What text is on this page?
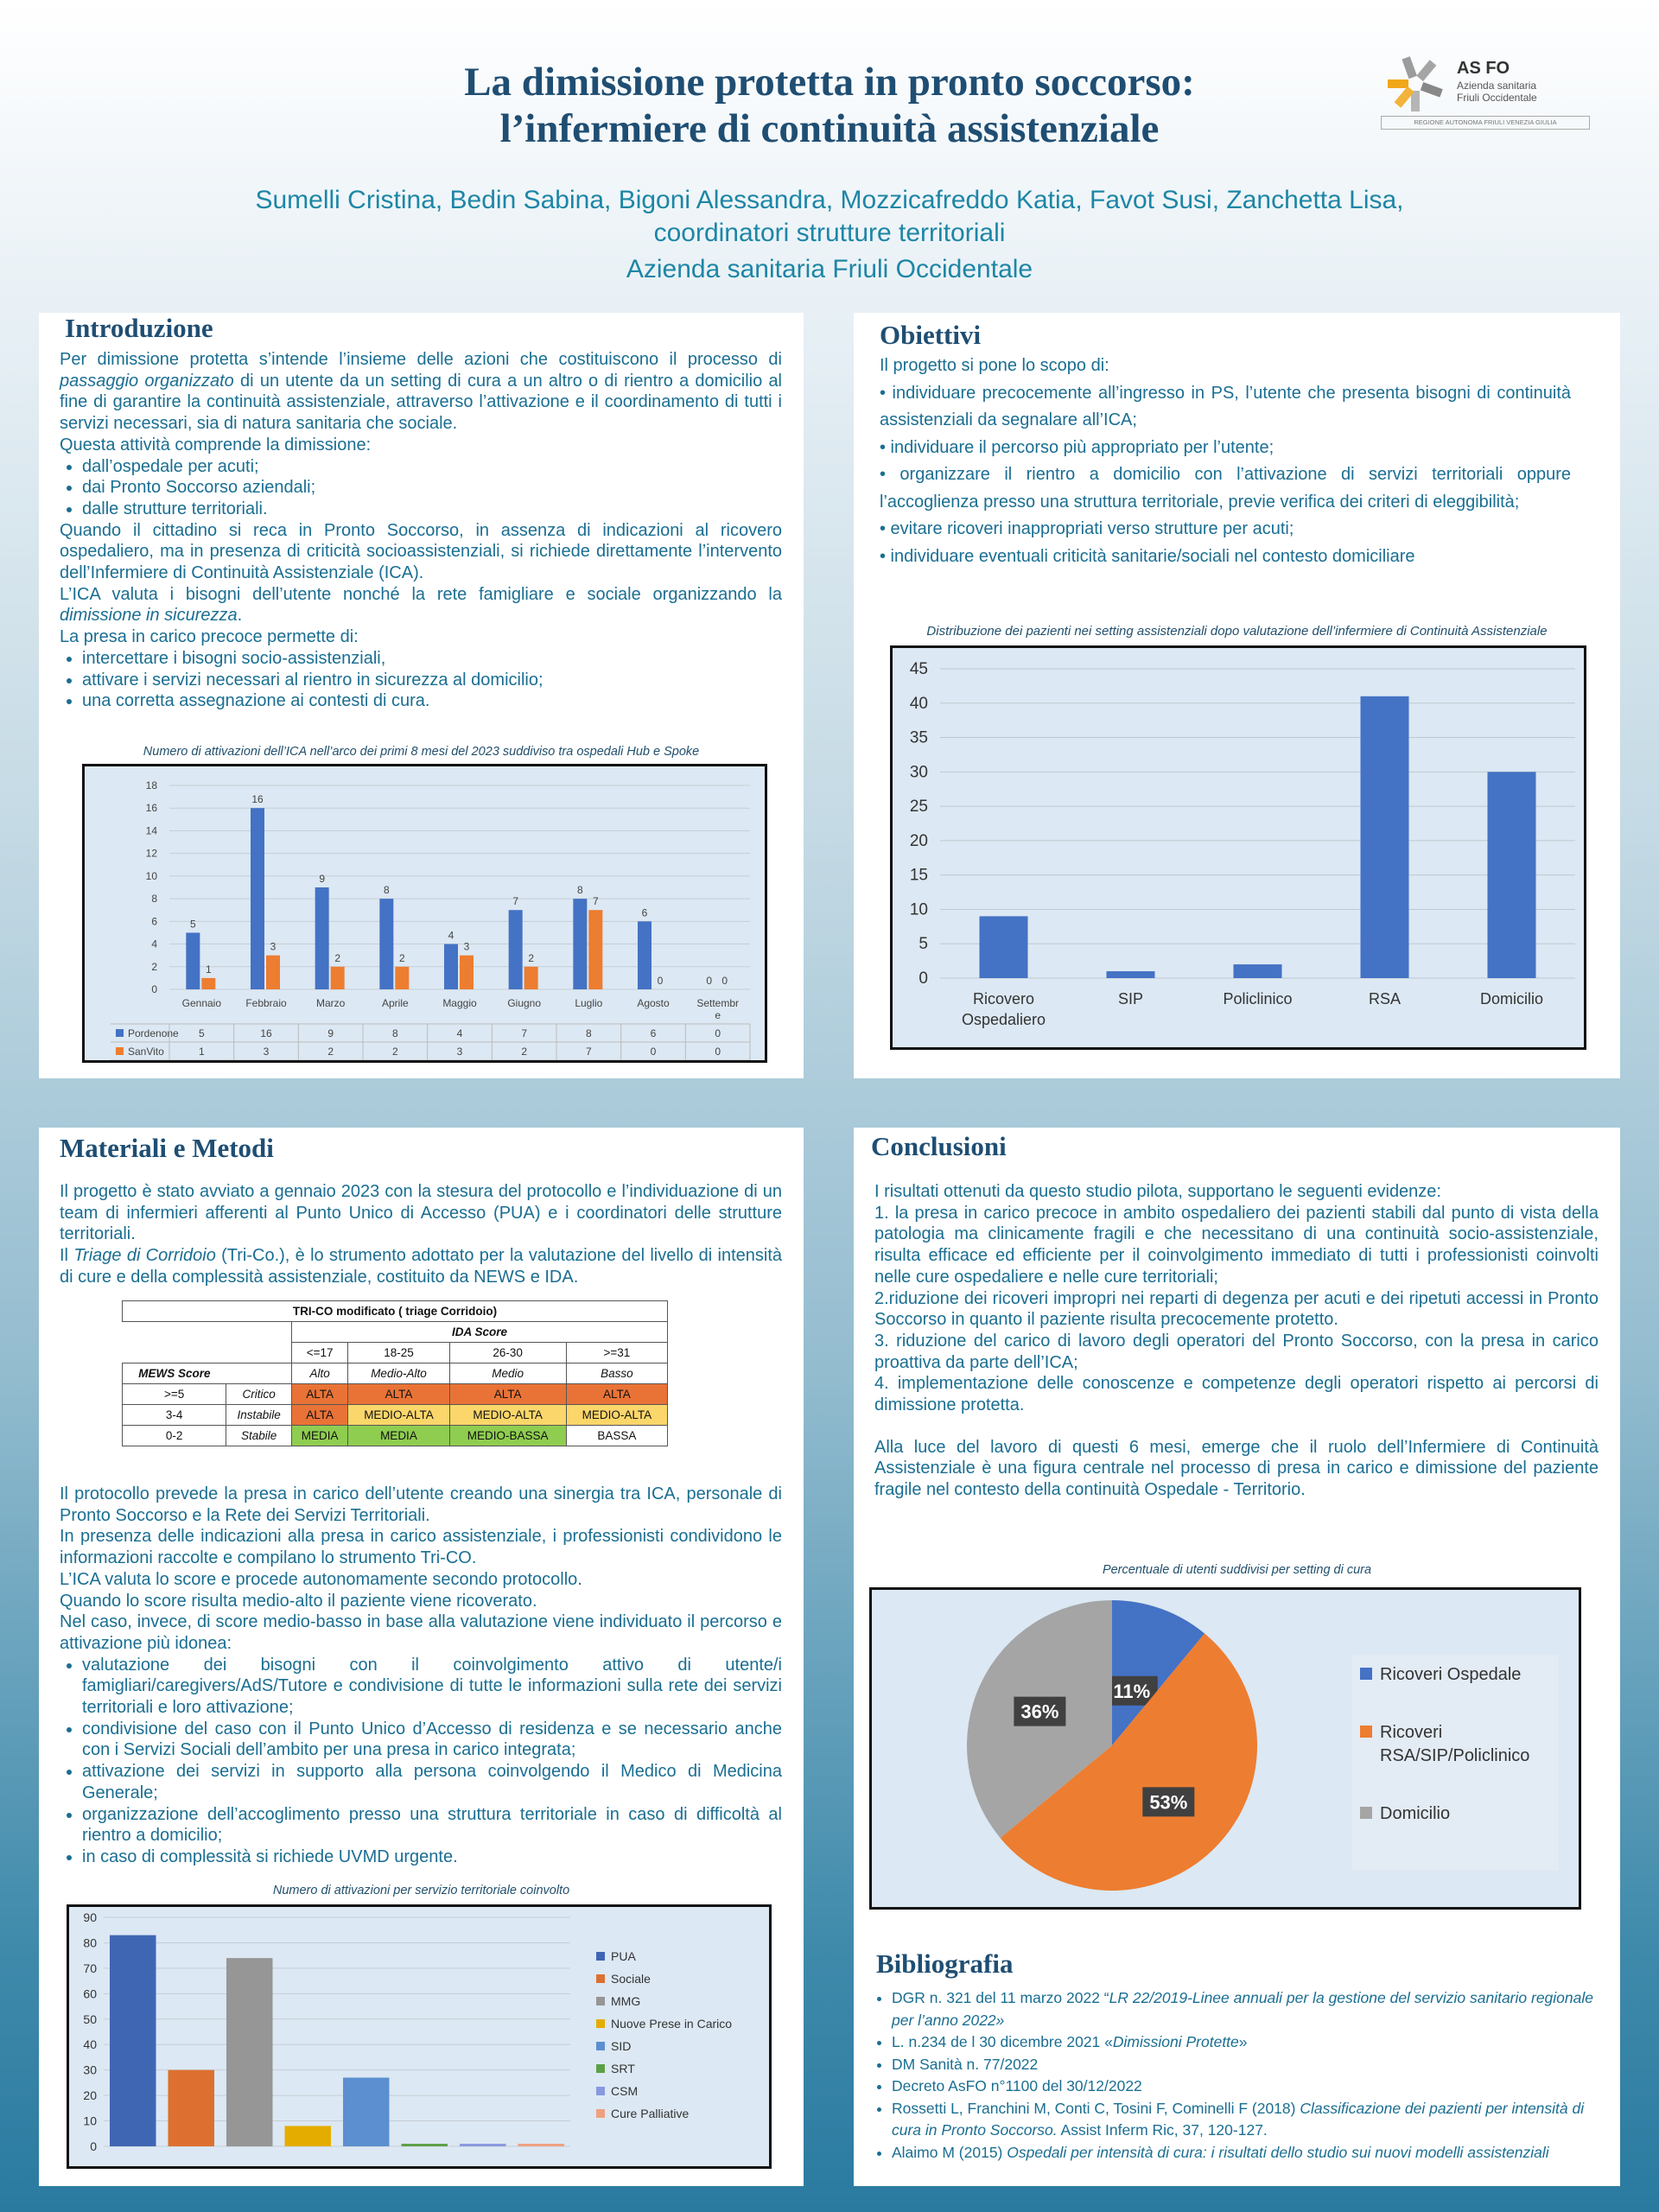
La dimissione protetta in pronto soccorso:
l’infermiere di continuità assistenziale
AS FO
Azienda sanitaria
Friuli Occidentale
REGIONE AUTONOMA FRIULI VENEZIA GIULIA
Sumelli Cristina, Bedin Sabina, Bigoni Alessandra, Mozzicafreddo Katia, Favot Susi, Zanchetta Lisa,
coordinatori strutture territoriali
Azienda sanitaria Friuli Occidentale
Introduzione

Per dimissione protetta s’intende l’insieme delle azioni che costituiscono il processo di passaggio organizzato di un utente da un setting di cura a un altro o di rientro a domicilio al fine di garantire la continuità assistenziale, attraverso l’attivazione e il coordinamento di tutti i servizi necessari, sia di natura sanitaria che sociale.

Questa attività comprende la dimissione:

• dall’ospedale per acuti;
• dai Pronto Soccorso aziendali;
• dalle strutture territoriali.

Quando il cittadino si reca in Pronto Soccorso, in assenza di indicazioni al ricovero ospedaliero, ma in presenza di criticità socioassistenziali, si richiede direttamente l’intervento dell’Infermiere di Continuità Assistenziale (ICA).

L’ICA valuta i bisogni dell’utente nonché la rete famigliare e sociale organizzando la dimissione in sicurezza.

La presa in carico precoce permette di:

• intercettare i bisogni socio-assistenziali,
• attivare i servizi necessari al rientro in sicurezza al domicilio;
• una corretta assegnazione ai contesti di cura.
Numero di attivazioni dell’ICA nell’arco dei primi 8 mesi del 2023 suddiviso tra ospedali Hub e Spoke
0
2
4
6
8
10
12
14
16
18
5
1
Gennaio
16
3
Febbraio
9
2
Marzo
8
2
Aprile
4
3
Maggio
7
2
Giugno
8
7
Luglio
6
0
Agosto
0 0
Settembr
e
Pordenone 5	16	9	8	4	7	8	6	0
SanVito	1	3	2	2	3	2	7	0	0
Obiettivi

Il progetto si pone lo scopo di:

• individuare precocemente all’ingresso in PS, l’utente che presenta bisogni di continuità assistenziali da segnalare all’ICA;

• individuare il percorso più appropriato per l’utente;

• organizzare il rientro a domicilio con l’attivazione di servizi territoriali oppure l’accoglienza presso una struttura territoriale, previe verifica dei criteri di eleggibilità;

• evitare ricoveri inappropriati verso strutture per acuti;

• individuare eventuali criticità sanitarie/sociali nel contesto domiciliare

Distribuzione dei pazienti nei setting assistenziali dopo valutazione dell’infermiere di Continuità Assistenziale
0
5
10
15
20
25
30
35
40
45
Ricovero
Ospedaliero
SIP	Policlinico	RSA	Domicilio
Materiali e Metodi

Il progetto è stato avviato a gennaio 2023 con la stesura del protocollo e l’individuazione di un team di infermieri afferenti al Punto Unico di Accesso (PUA) e i coordinatori delle strutture territoriali.

Il Triage di Corridoio (Tri-Co.), è lo strumento adottato per la valutazione del livello di intensità di cure e della complessità assistenziale, costituito da NEWS e IDA.

TRI-CO modificato ( triage Corridoio)					
		IDA Score			
		<=17	18-25	26-30	>=31
MEWS Score		Alto	Medio-Alto	Medio	Basso
>=5	Critico	ALTA	ALTA	ALTA	ALTA
3-4	Instabile	ALTA	MEDIO-ALTA	MEDIO-ALTA	MEDIO-ALTA
0-2	Stabile	MEDIA	MEDIA	MEDIO-BASSA	BASSA

Il protocollo prevede la presa in carico dell’utente creando una sinergia tra ICA, personale di Pronto Soccorso e la Rete dei Servizi Territoriali.

In presenza delle indicazioni alla presa in carico assistenziale, i professionisti condividono le informazioni raccolte e compilano lo strumento Tri-CO.

L’ICA valuta lo score e procede autonomamente secondo protocollo.

Quando lo score risulta medio-alto il paziente viene ricoverato.

Nel caso, invece, di score medio-basso in base alla valutazione viene individuato il percorso e attivazione più idonea:

• valutazione dei bisogni con il coinvolgimento attivo di utente/i famigliari/caregivers/AdS/Tutore e condivisione di tutte le informazioni sulla rete dei servizi territoriali e loro attivazione;
• condivisione del caso con il Punto Unico d’Accesso di residenza e se necessario anche con i Servizi Sociali dell’ambito per una presa in carico integrata;
• attivazione dei servizi in supporto alla persona coinvolgendo il Medico di Medicina Generale;
• organizzazione dell’accoglimento presso una struttura territoriale in caso di difficoltà al rientro a domicilio;
• in caso di complessità si richiede UVMD urgente.
Numero di attivazioni per servizio territoriale coinvolto
0
10
20
30
40
50
60
70
80
90
PUA
Sociale
MMG
Nuove Prese in Carico
SID
SRT
CSM
Cure Palliative
Conclusioni

I risultati ottenuti da questo studio pilota, supportano le seguenti evidenze:

1. la presa in carico precoce in ambito ospedaliero dei pazienti stabili dal punto di vista della patologia ma clinicamente fragili e che necessitano di una continuità socio-assistenziale, risulta efficace ed efficiente per il coinvolgimento immediato di tutti i professionisti coinvolti nelle cure ospedaliere e nelle cure territoriali;

2.riduzione dei ricoveri impropri nei reparti di degenza per acuti e dei ripetuti accessi in Pronto Soccorso in quanto il paziente risulta precocemente protetto.

3. riduzione del carico di lavoro degli operatori del Pronto Soccorso, con la presa in carico proattiva da parte dell’ICA;

4. implementazione delle conoscenze e competenze degli operatori rispetto ai percorsi di dimissione protetta.

Alla luce del lavoro di questi 6 mesi, emerge che il ruolo dell’Infermiere di Continuità Assistenziale è una figura centrale nel processo di presa in carico e dimissione del paziente fragile nel contesto della continuità Ospedale - Territorio.

Percentuale di utenti suddivisi per setting di cura
11%
53%
36%
Ricoveri Ospedale
Ricoveri
RSA/SIP/Policlinico
Domicilio
Bibliografia
• DGR n. 321 del 11 marzo 2022 “LR 22/2019-Linee annuali per la gestione del servizio sanitario regionale per l’anno 2022»
• L. n.234 de l 30 dicembre 2021 «Dimissioni Protette»
• DM Sanità n. 77/2022
• Decreto AsFO n°1100 del 30/12/2022
• Rossetti L, Franchini M, Conti C, Tosini F, Cominelli F (2018) Classificazione dei pazienti per intensità di cura in Pronto Soccorso. Assist Inferm Ric, 37, 120-127.
• Alaimo M (2015) Ospedali per intensità di cura: i risultati dello studio sui nuovi modelli assistenziali
